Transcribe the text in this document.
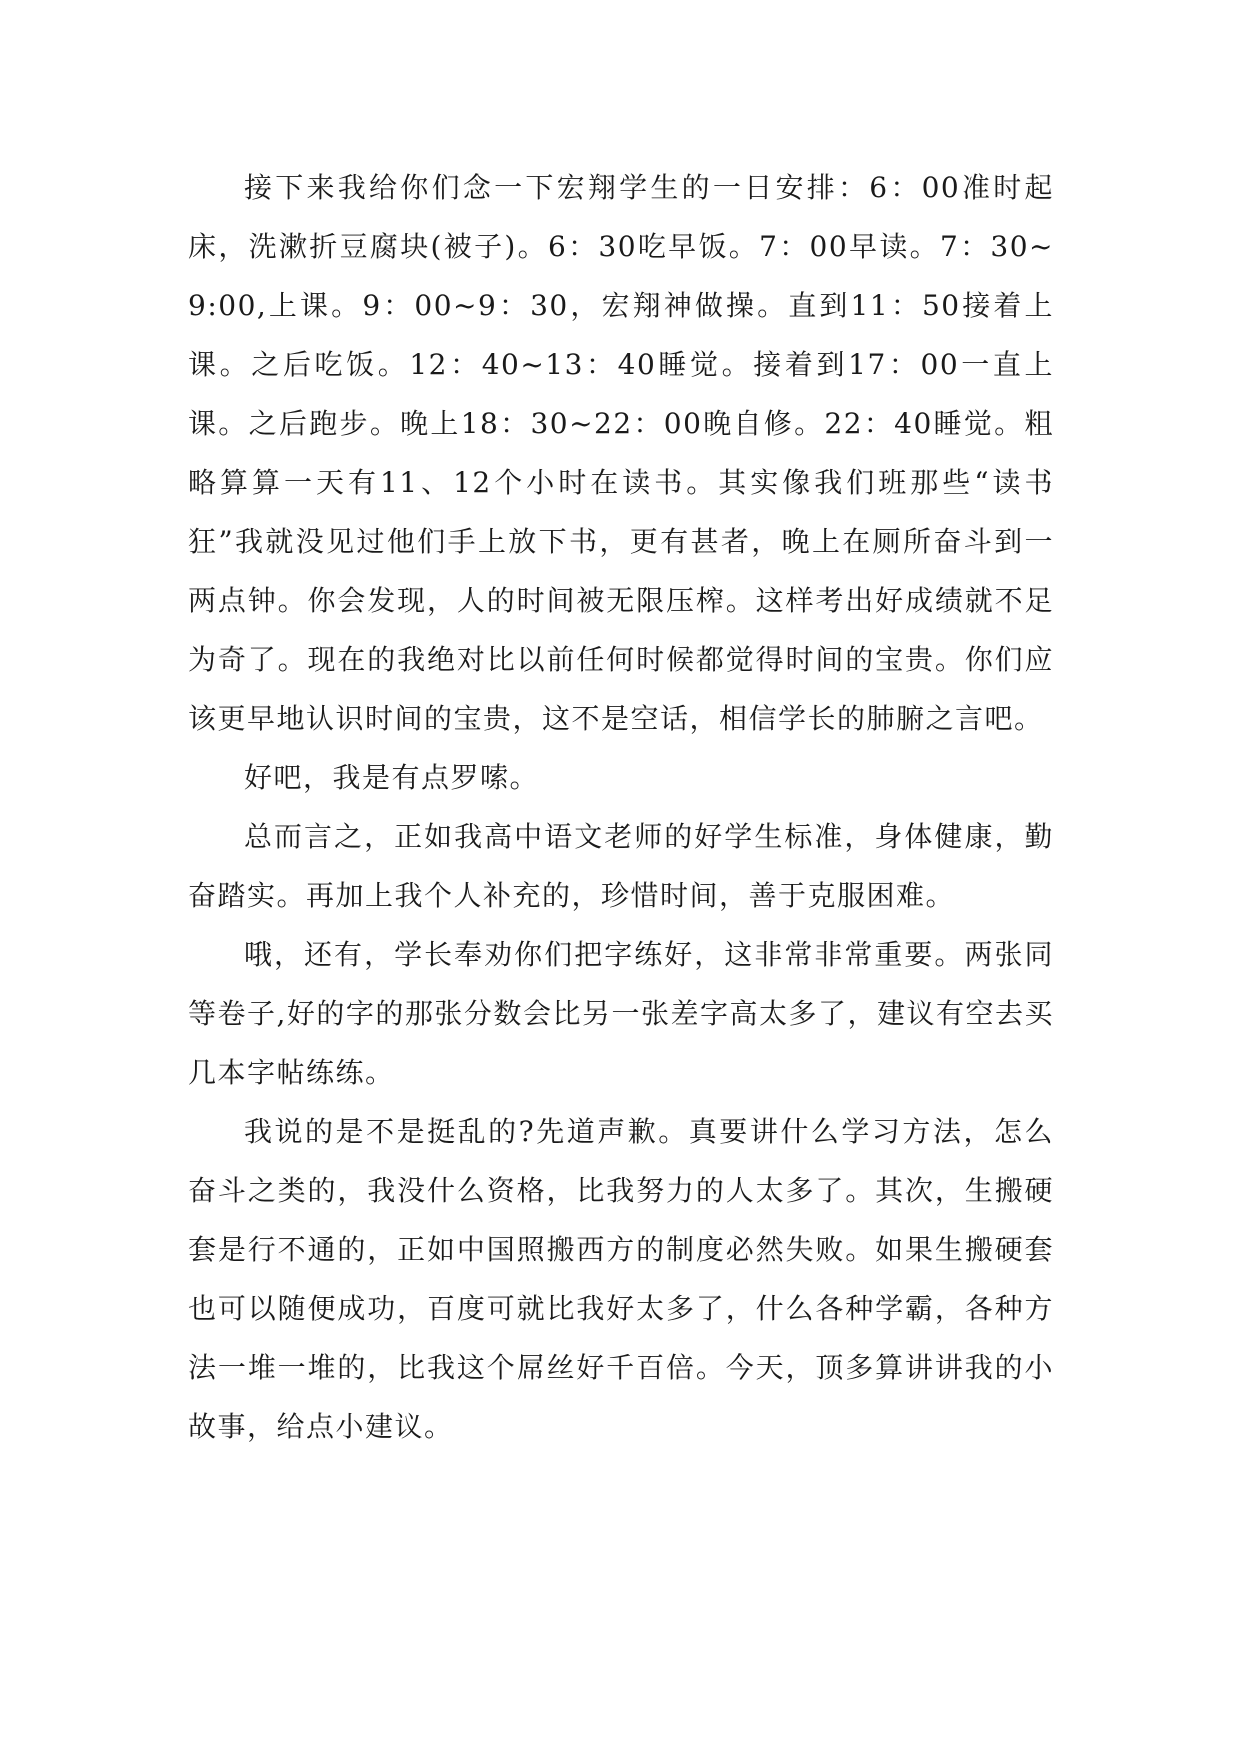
接下来我给你们念一下宏翔学生的一日安排：6：00准时起床，洗漱折豆腐块(被子)。6：30吃早饭。7：00早读。7：30~9:00,上课。9：00~9：30，宏翔神做操。直到11：50接着上课。之后吃饭。12：40~13：40睡觉。接着到17：00一直上课。之后跑步。晚上18：30~22：00晚自修。22：40睡觉。粗略算算一天有11、12个小时在读书。其实像我们班那些“读书狂”我就没见过他们手上放下书，更有甚者，晚上在厕所奋斗到一两点钟。你会发现，人的时间被无限压榨。这样考出好成绩就不足为奇了。现在的我绝对比以前任何时候都觉得时间的宝贵。你们应该更早地认识时间的宝贵，这不是空话，相信学长的肺腑之言吧。

好吧，我是有点罗嗦。

总而言之，正如我高中语文老师的好学生标准，身体健康，勤奋踏实。再加上我个人补充的，珍惜时间，善于克服困难。

哦，还有，学长奉劝你们把字练好，这非常非常重要。两张同等卷子,好的字的那张分数会比另一张差字高太多了，建议有空去买几本字帖练练。

我说的是不是挺乱的?先道声歉。真要讲什么学习方法，怎么奋斗之类的，我没什么资格，比我努力的人太多了。其次，生搬硬套是行不通的，正如中国照搬西方的制度必然失败。如果生搬硬套也可以随便成功，百度可就比我好太多了，什么各种学霸，各种方法一堆一堆的，比我这个屌丝好千百倍。今天，顶多算讲讲我的小故事，给点小建议。
